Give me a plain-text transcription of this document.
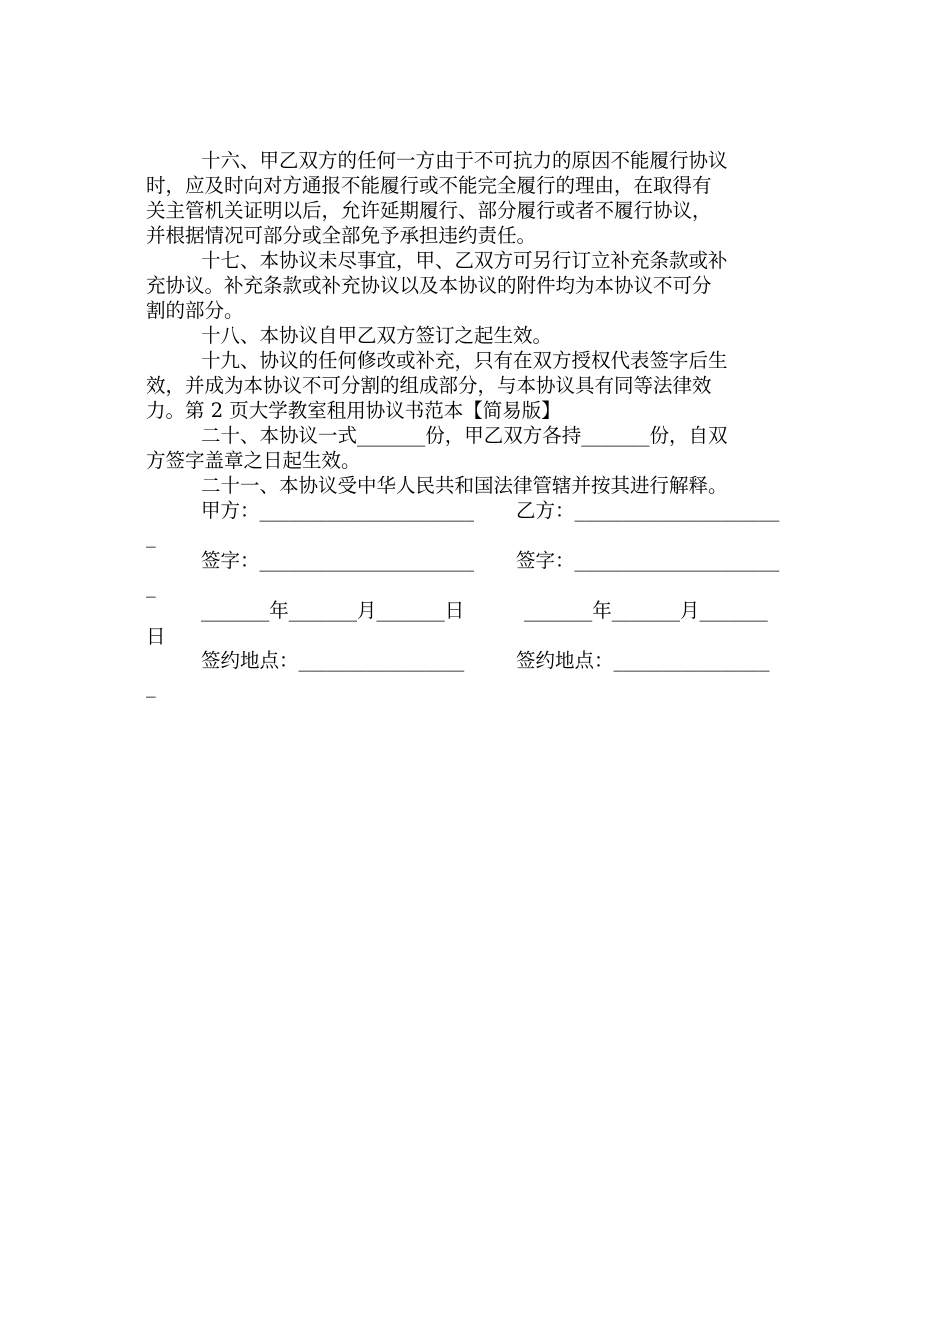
十六、甲乙双方的任何一方由于不可抗力的原因不能履行协议
时，应及时向对方通报不能履行或不能完全履行的理由，在取得有
关主管机关证明以后，允许延期履行、部分履行或者不履行协议，
并根据情况可部分或全部免予承担违约责任。

十七、本协议未尽事宜，甲、乙双方可另行订立补充条款或补
充协议。补充条款或补充协议以及本协议的附件均为本协议不可分
割的部分。

十八、本协议自甲乙双方签订之起生效。

十九、协议的任何修改或补充，只有在双方授权代表签字后生
效，并成为本协议不可分割的组成部分，与本协议具有同等法律效
力。第 2 页大学教室租用协议书范本【简易版】

二十、本协议一式_______份，甲乙双方各持_______份，自双
方签字盖章之日起生效。

二十一、本协议受中华人民共和国法律管辖并按其进行解释。

甲方：______________________

乙方：_____________________

_

签字：______________________

签字：_____________________

_

_______年_______月_______日

	_______年_______月_______

日

签约地点：_________________

	签约地点：________________

_
